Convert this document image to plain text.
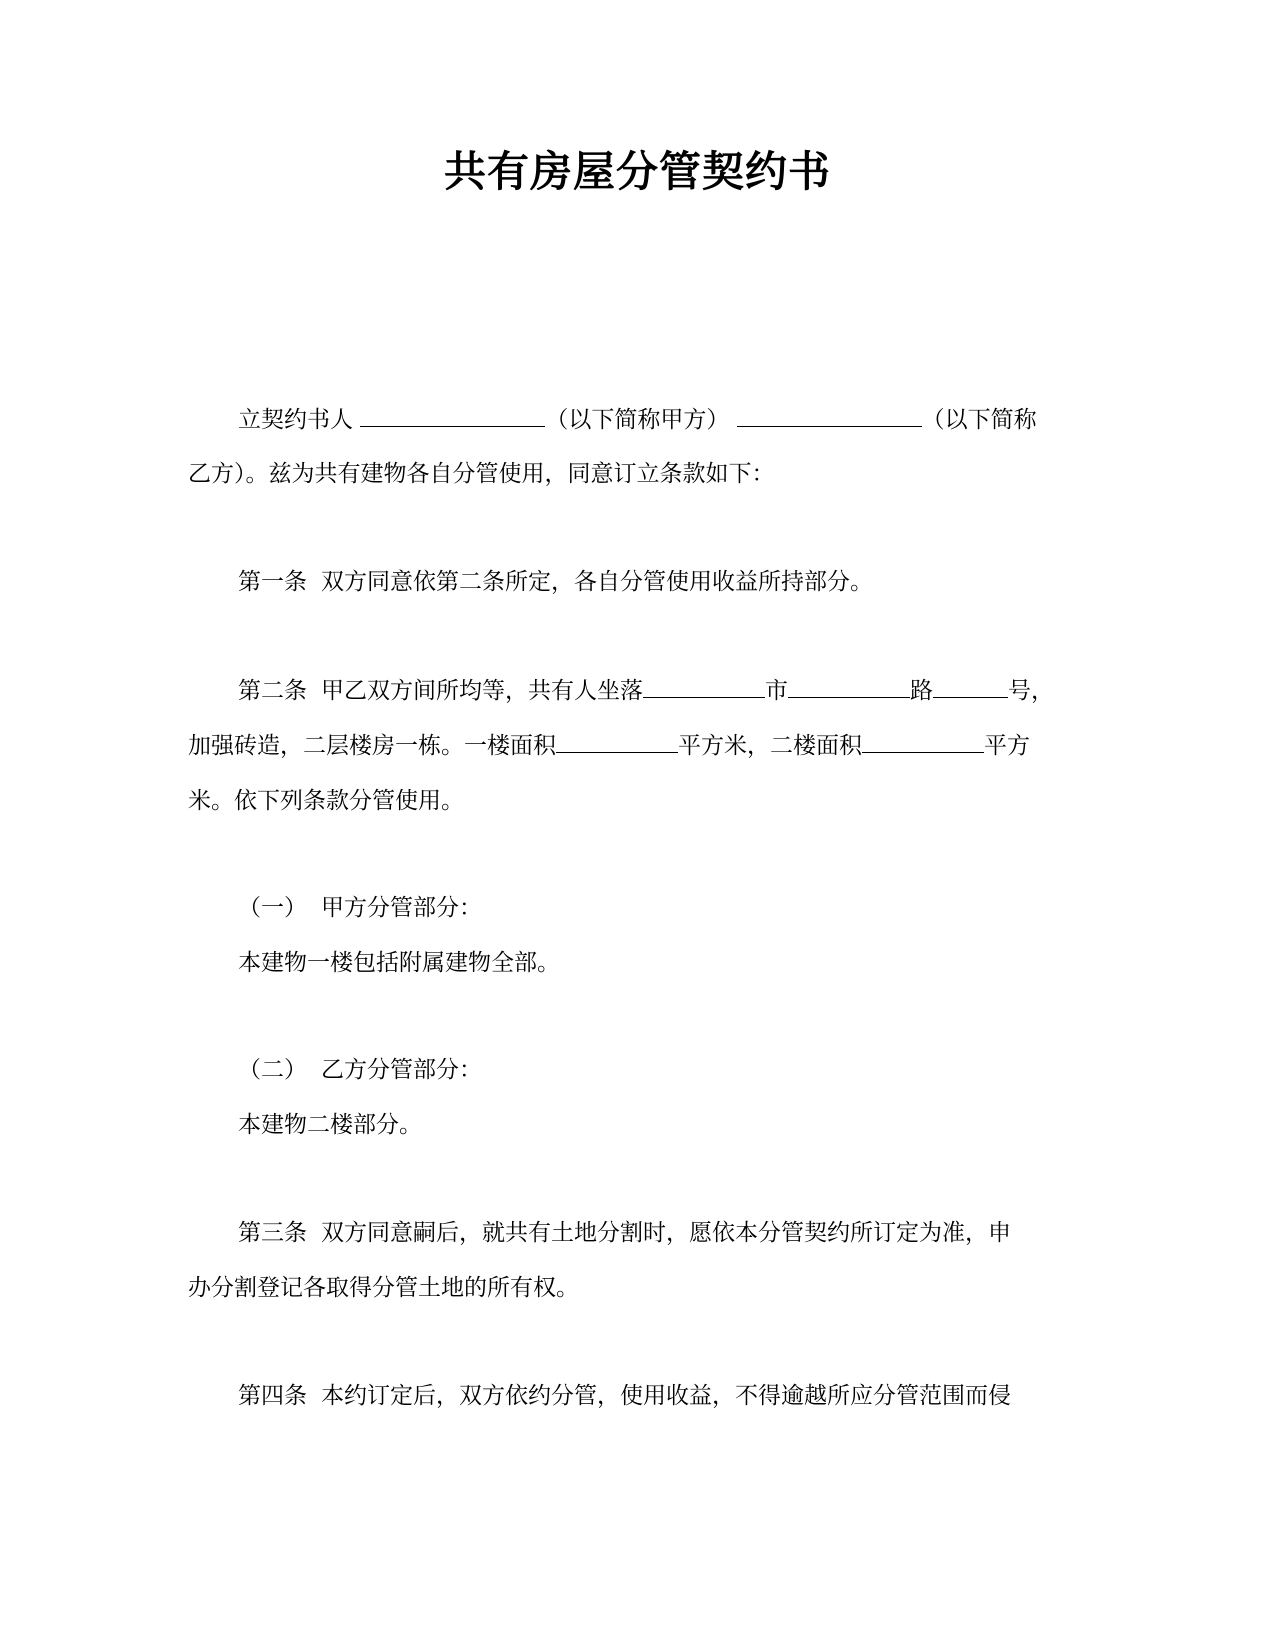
共有房屋分管契约书
立契约书人	（以下简称甲方）	（以下简称
乙方）。兹为共有建物各自分管使用，同意订立条款如下：
第一条 双方同意依第二条所定，各自分管使用收益所持部分。
第二条 甲乙双方间所均等，共有人坐落	市	路	号，
加强砖造，二层楼房一栋。一楼面积	平方米，二楼面积	平方
米。依下列条款分管使用。
（一） 甲方分管部分：
本建物一楼包括附属建物全部。
（二） 乙方分管部分：
本建物二楼部分。
第三条 双方同意嗣后，就共有土地分割时，愿依本分管契约所订定为准，申
办分割登记各取得分管土地的所有权。
第四条 本约订定后，双方依约分管，使用收益，不得逾越所应分管范围而侵
